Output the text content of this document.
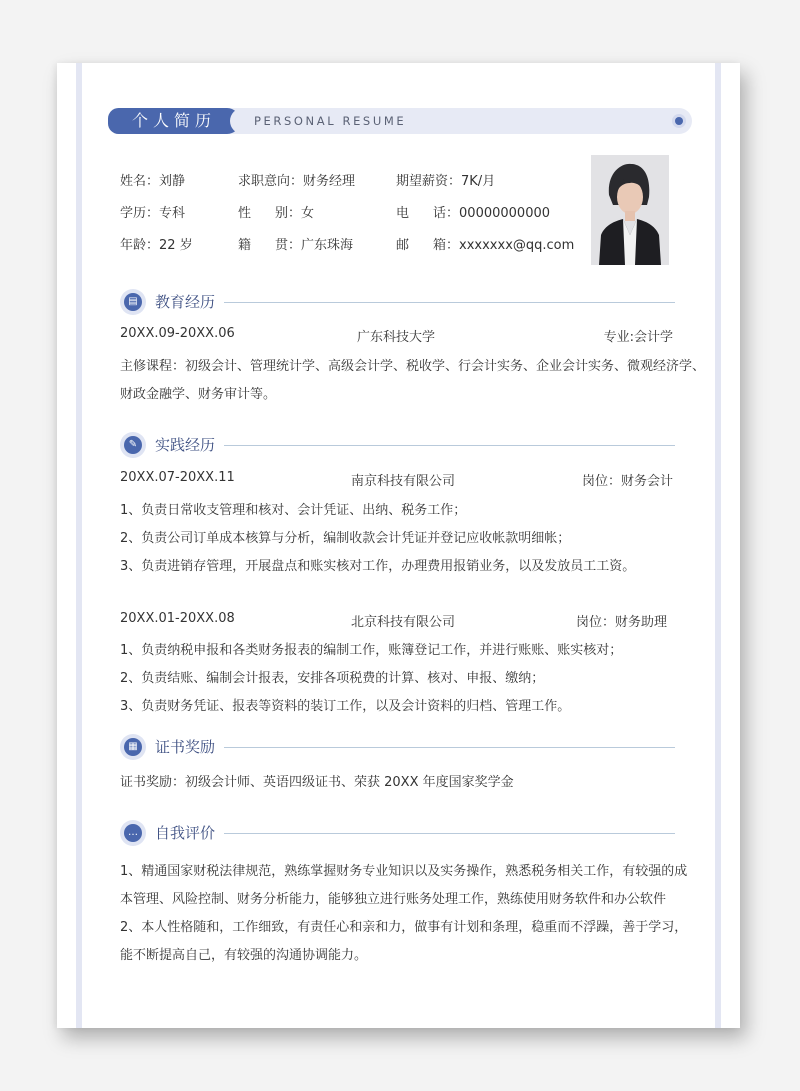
个人简历	PERSONAL RESUME
姓名：刘静	求职意向：财务经理	期望薪资：7K/月
学历：专科	性 别：女	电 话：00000000000
年龄：22 岁	籍 贯：广东珠海	邮 箱：xxxxxxx@qq.com
▤ 教育经历
20XX.09-20XX.06	广东科技大学	专业:会计学
主修课程：初级会计、管理统计学、高级会计学、税收学、行会计实务、企业会计实务、微观经济学、
财政金融学、财务审计等。
✎	实践经历
20XX.07-20XX.11	南京科技有限公司	岗位：财务会计
1、负责日常收支管理和核对、会计凭证、出纳、税务工作；
2、负责公司订单成本核算与分析，编制收款会计凭证并登记应收帐款明细帐；
3、负责进销存管理，开展盘点和账实核对工作，办理费用报销业务，以及发放员工工资。
20XX.01-20XX.08	北京科技有限公司	岗位：财务助理
1、负责纳税申报和各类财务报表的编制工作，账簿登记工作，并进行账账、账实核对；
2、负责结账、编制会计报表，安排各项税费的计算、核对、申报、缴纳；
3、负责财务凭证、报表等资料的装订工作，以及会计资料的归档、管理工作。
▦ 证书奖励
证书奖励：初级会计师、英语四级证书、荣获 20XX 年度国家奖学金
… 自我评价
1、精通国家财税法律规范，熟练掌握财务专业知识以及实务操作，熟悉税务相关工作，有较强的成
本管理、风险控制、财务分析能力，能够独立进行账务处理工作，熟练使用财务软件和办公软件
2、本人性格随和，工作细致，有责任心和亲和力，做事有计划和条理，稳重而不浮躁，善于学习，
能不断提高自己，有较强的沟通协调能力。
